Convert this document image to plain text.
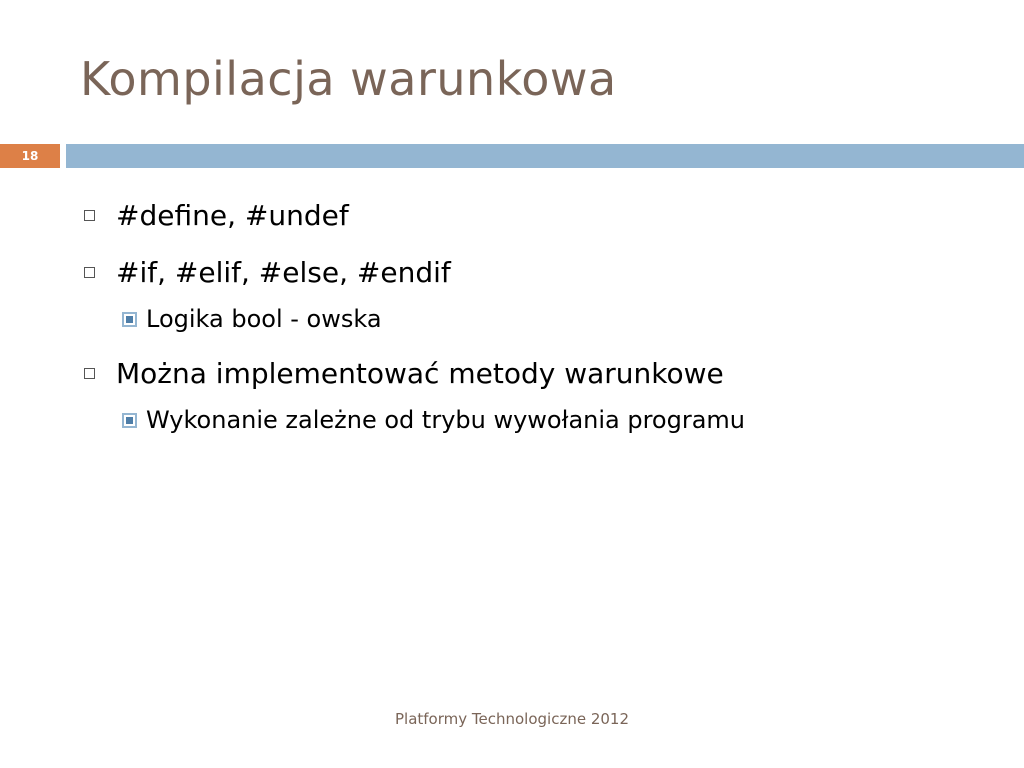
Kompilacja warunkowa
18
#define, #undef
#if, #elif, #else, #endif
Logika bool - owska
Można implementować metody warunkowe
Wykonanie zależne od trybu wywołania programu
Platformy Technologiczne 2012
